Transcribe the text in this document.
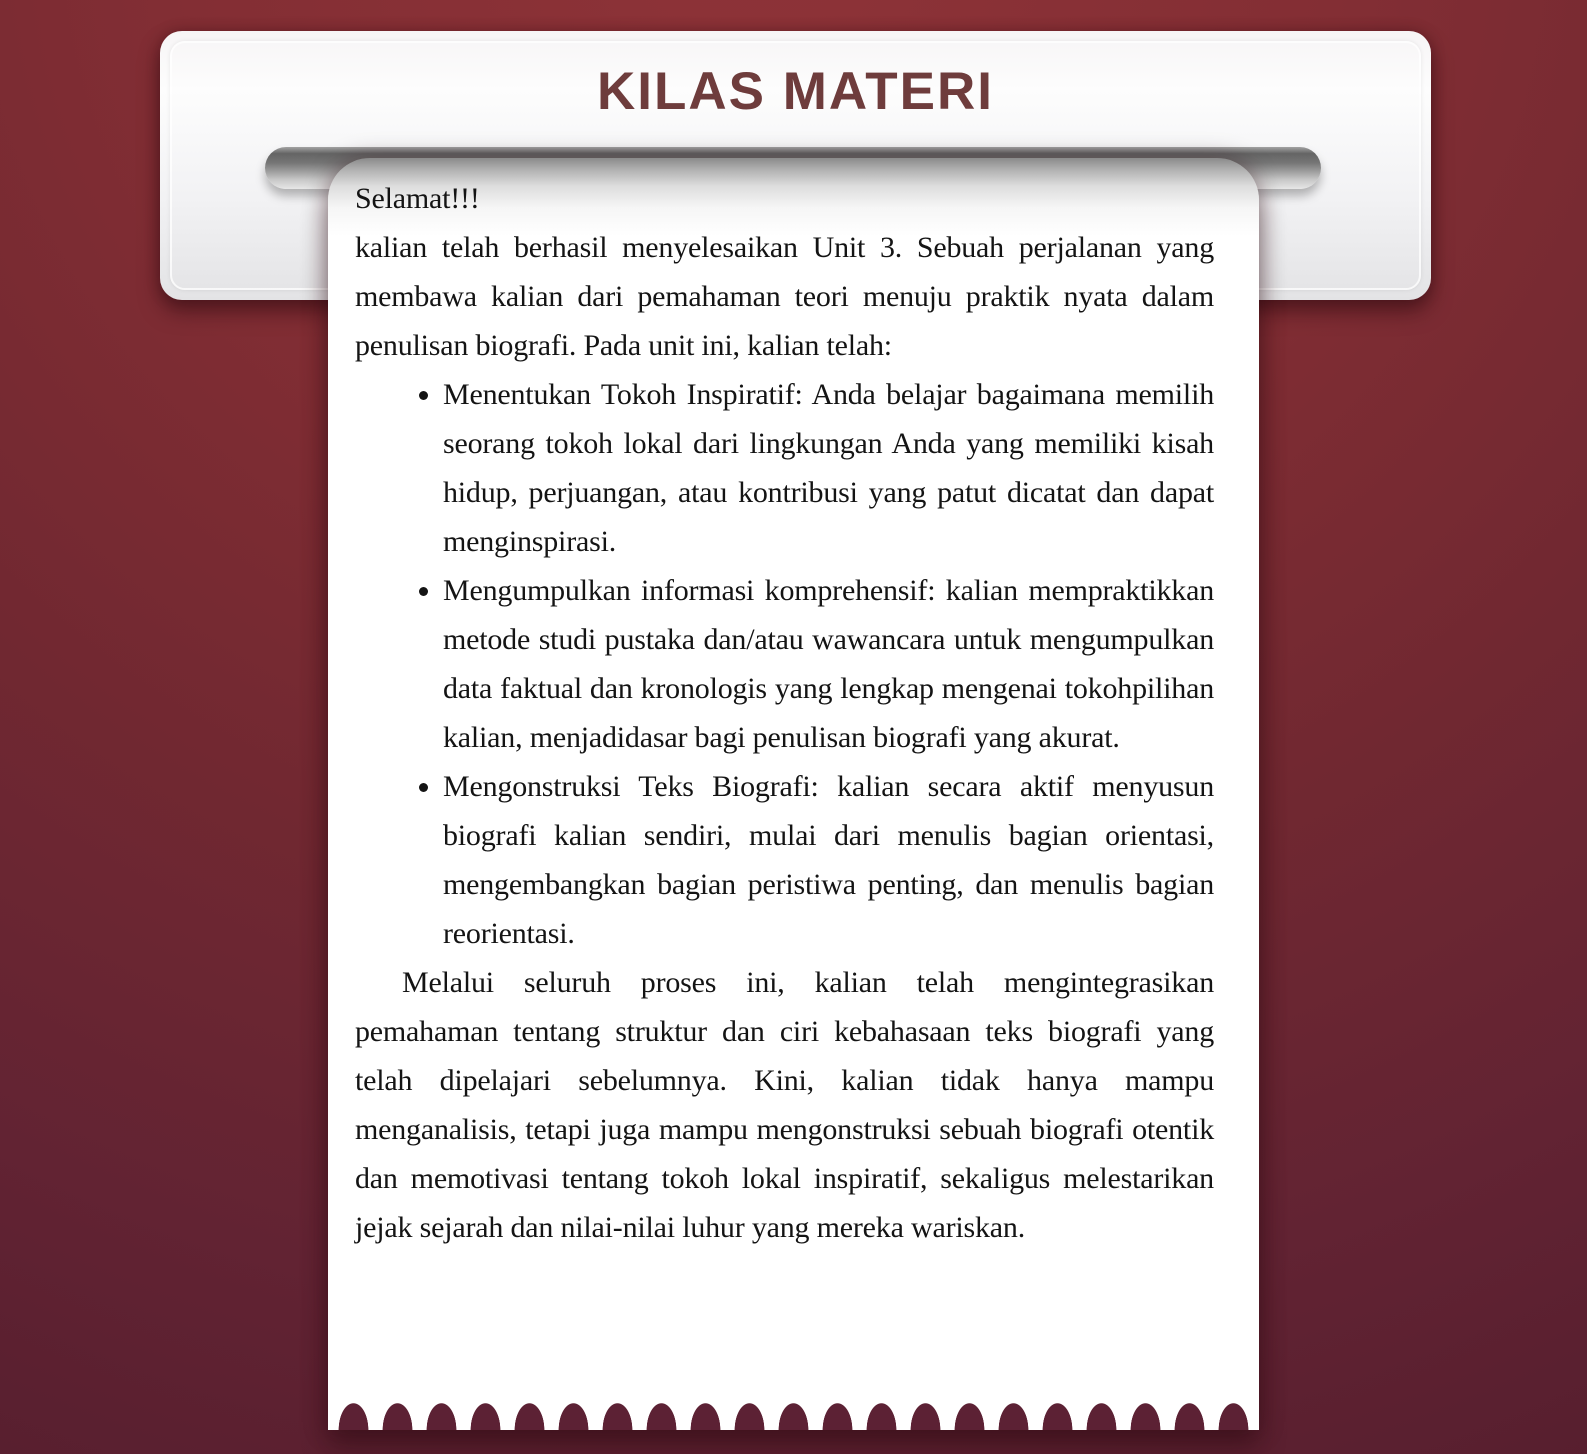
KILAS MATERI

Selamat!!!

kalian telah berhasil menyelesaikan Unit 3. Sebuah perjalanan yang membawa kalian dari pemahaman teori menuju praktik nyata dalam penulisan biografi. Pada unit ini, kalian telah:

• Menentukan Tokoh Inspiratif: Anda belajar bagaimana memilih seorang tokoh lokal dari lingkungan Anda yang memiliki kisah hidup, perjuangan, atau kontribusi yang patut dicatat dan dapat menginspirasi.
• Mengumpulkan informasi komprehensif: kalian mempraktikkan metode studi pustaka dan/atau wawancara untuk mengumpulkan data faktual dan kronologis yang lengkap mengenai tokohpilihan kalian, menjadidasar bagi penulisan biografi yang akurat.
• Mengonstruksi Teks Biografi: kalian secara aktif menyusun biografi kalian sendiri, mulai dari menulis bagian orientasi, mengembangkan bagian peristiwa penting, dan menulis bagian reorientasi.

Melalui seluruh proses ini, kalian telah mengintegrasikan pemahaman tentang struktur dan ciri kebahasaan teks biografi yang telah dipelajari sebelumnya. Kini, kalian tidak hanya mampu menganalisis, tetapi juga mampu mengonstruksi sebuah biografi otentik dan memotivasi tentang tokoh lokal inspiratif, sekaligus melestarikan jejak sejarah dan nilai-nilai luhur yang mereka wariskan.
